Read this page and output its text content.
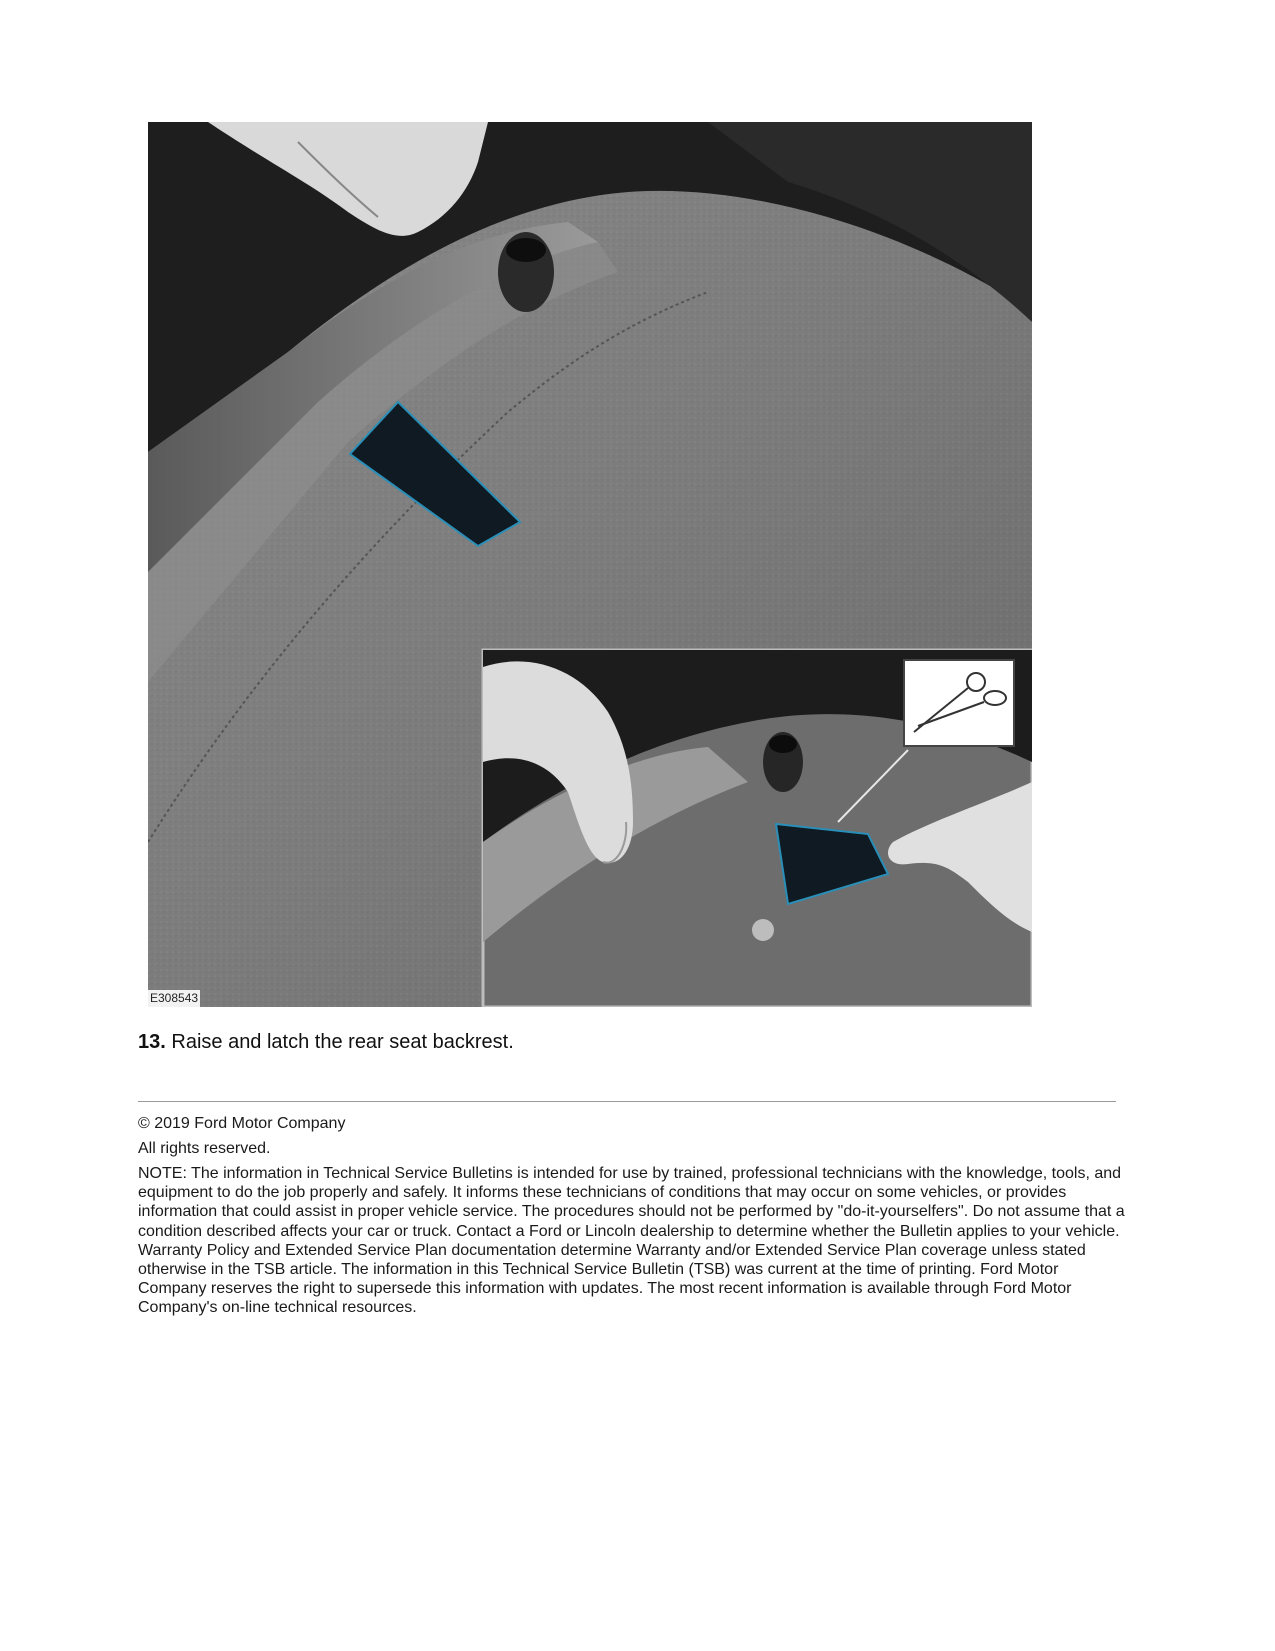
E308543
13. Raise and latch the rear seat backrest.
© 2019 Ford Motor Company
All rights reserved.
NOTE: The information in Technical Service Bulletins is intended for use by trained, professional technicians with the knowledge, tools, and equipment to do the job properly and safely. It informs these technicians of conditions that may occur on some vehicles, or provides information that could assist in proper vehicle service. The procedures should not be performed by "do-it-yourselfers". Do not assume that a condition described affects your car or truck. Contact a Ford or Lincoln dealership to determine whether the Bulletin applies to your vehicle. Warranty Policy and Extended Service Plan documentation determine Warranty and/or Extended Service Plan coverage unless stated otherwise in the TSB article. The information in this Technical Service Bulletin (TSB) was current at the time of printing. Ford Motor Company reserves the right to supersede this information with updates. The most recent information is available through Ford Motor Company's on-line technical resources.
